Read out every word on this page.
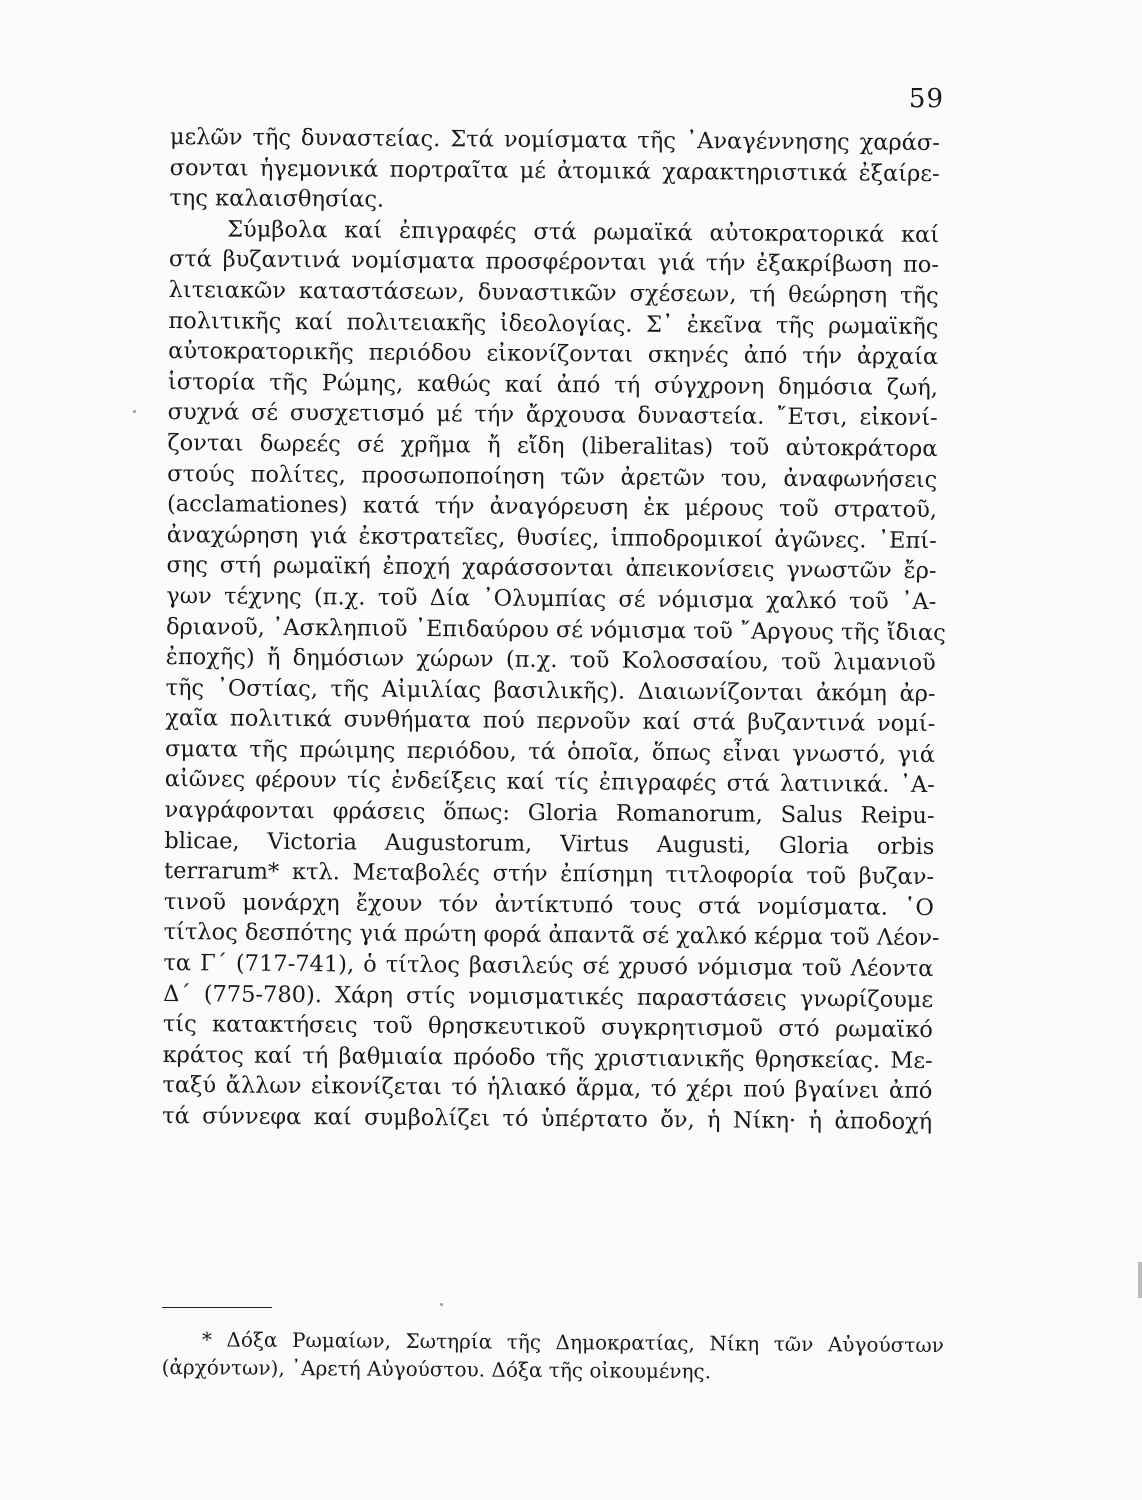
59
μελῶν τῆς δυναστείας. Στά νομίσματα τῆς ᾿Αναγέννησης χαράσ-
σονται ἡγεμονικά πορτραῖτα μέ ἀτομικά χαρακτηριστικά ἐξαίρε-
της καλαισθησίας.
Σύμβολα καί ἐπιγραφές στά ρωμαϊκά αὐτοκρατορικά καί
στά βυζαντινά νομίσματα προσφέρονται γιά τήν ἐξακρίβωση πο-
λιτειακῶν καταστάσεων, δυναστικῶν σχέσεων, τή θεώρηση τῆς
πολιτικῆς καί πολιτειακῆς ἰδεολογίας. Σ᾿ ἐκεῖνα τῆς ρωμαϊκῆς
αὐτοκρατορικῆς περιόδου εἰκονίζονται σκηνές ἀπό τήν ἀρχαία
ἱστορία τῆς Ρώμης, καθώς καί ἀπό τή σύγχρονη δημόσια ζωή,
συχνά σέ συσχετισμό μέ τήν ἄρχουσα δυναστεία. ῎Ετσι, εἰκονί-
ζονται δωρεές σέ χρῆμα ἤ εἴδη (liberalitas) τοῦ αὐτοκράτορα
στούς πολίτες, προσωποποίηση τῶν ἀρετῶν του, ἀναφωνήσεις
(acclamationes) κατά τήν ἀναγόρευση ἐκ μέρους τοῦ στρατοῦ,
ἀναχώρηση γιά ἐκστρατεῖες, θυσίες, ἱπποδρομικοί ἀγῶνες. ᾿Επί-
σης στή ρωμαϊκή ἐποχή χαράσσονται ἀπεικονίσεις γνωστῶν ἔρ-
γων τέχνης (π.χ. τοῦ Δία ᾿Ολυμπίας σέ νόμισμα χαλκό τοῦ ᾿Α-
δριανοῦ, ᾿Ασκληπιοῦ ᾿Επιδαύρου σέ νόμισμα τοῦ ῎Αργους τῆς ἴδιας
ἐποχῆς) ἤ δημόσιων χώρων (π.χ. τοῦ Κολοσσαίου, τοῦ λιμανιοῦ
τῆς ᾿Οστίας, τῆς Αἰμιλίας βασιλικῆς). Διαιωνίζονται ἀκόμη ἀρ-
χαῖα πολιτικά συνθήματα πού περνοῦν καί στά βυζαντινά νομί-
σματα τῆς πρώιμης περιόδου, τά ὁποῖα, ὅπως εἶναι γνωστό, γιά
αἰῶνες φέρουν τίς ἐνδείξεις καί τίς ἐπιγραφές στά λατινικά. ᾿Α-
ναγράφονται φράσεις ὅπως: Gloria Romanorum, Salus Reipu-
blicae, Victoria Augustorum, Virtus Augusti, Gloria orbis
terrarum* κτλ. Μεταβολές στήν ἐπίσημη τιτλοφορία τοῦ βυζαν-
τινοῦ μονάρχη ἔχουν τόν ἀντίκτυπό τους στά νομίσματα. ῾Ο
τίτλος δεσπότης γιά πρώτη φορά ἀπαντᾶ σέ χαλκό κέρμα τοῦ Λέον-
τα Γ΄ (717-741), ὁ τίτλος βασιλεύς σέ χρυσό νόμισμα τοῦ Λέοντα
Δ΄ (775-780). Χάρη στίς νομισματικές παραστάσεις γνωρίζουμε
τίς κατακτήσεις τοῦ θρησκευτικοῦ συγκρητισμοῦ στό ρωμαϊκό
κράτος καί τή βαθμιαία πρόοδο τῆς χριστιανικῆς θρησκείας. Με-
ταξύ ἄλλων εἰκονίζεται τό ἡλιακό ἅρμα, τό χέρι πού βγαίνει ἀπό
τά σύννεφα καί συμβολίζει τό ὑπέρτατο ὄν, ἡ Νίκη· ἡ ἀποδοχή
* Δόξα Ρωμαίων, Σωτηρία τῆς Δημοκρατίας, Νίκη τῶν Αὐγούστων
(ἀρχόντων), ᾿Αρετή Αὐγούστου. Δόξα τῆς οἰκουμένης.
